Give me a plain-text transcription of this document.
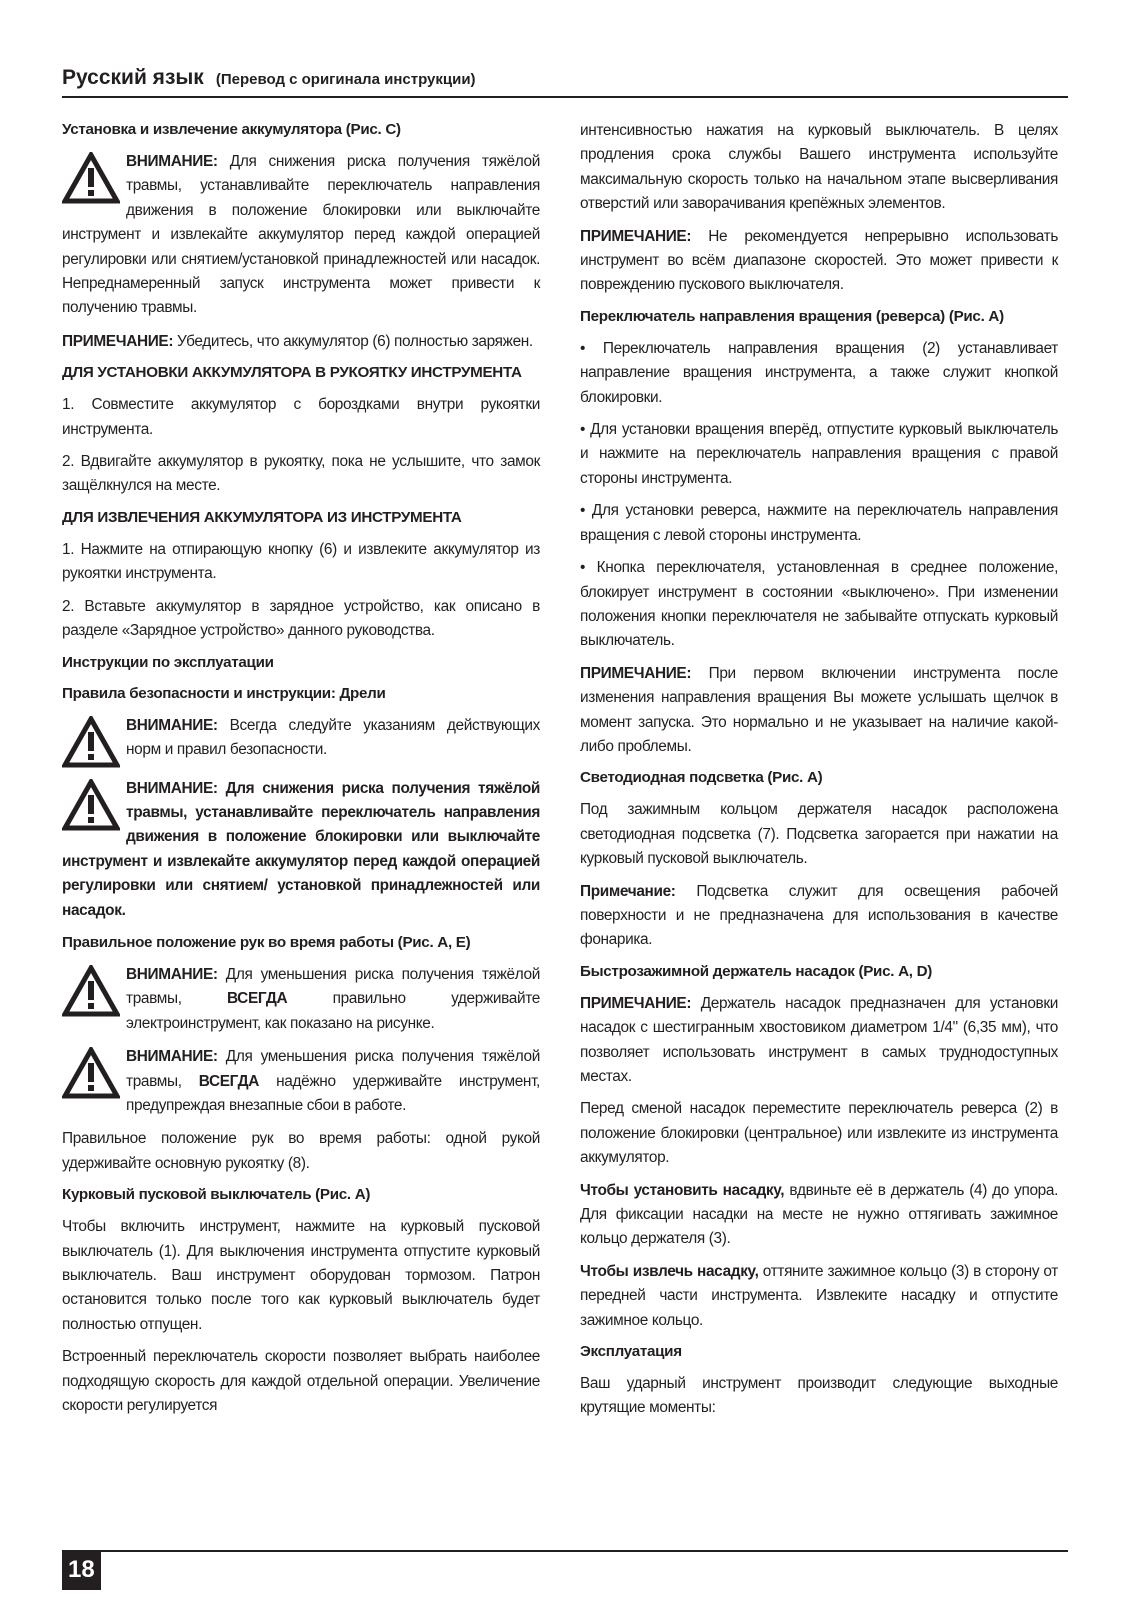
Русский язык (Перевод с оригинала инструкции)
Установка и извлечение аккумулятора (Рис. C)
ВНИМАНИЕ: Для снижения риска получения тяжёлой травмы, устанавливайте переключатель направления движения в положение блокировки или выключайте инструмент и извлекайте аккумулятор перед каждой операцией регулировки или снятием/установкой принадлежностей или насадок. Непреднамеренный запуск инструмента может привести к получению травмы.

ПРИМЕЧАНИЕ: Убедитесь, что аккумулятор (6) полностью заряжен.

ДЛЯ УСТАНОВКИ АККУМУЛЯТОРА В РУКОЯТКУ ИНСТРУМЕНТА

1. Совместите аккумулятор с бороздками внутри рукоятки инструмента.

2. Вдвигайте аккумулятор в рукоятку, пока не услышите, что замок защёлкнулся на месте.

ДЛЯ ИЗВЛЕЧЕНИЯ АККУМУЛЯТОРА ИЗ ИНСТРУМЕНТА

1. Нажмите на отпирающую кнопку (6) и извлеките аккумулятор из рукоятки инструмента.

2. Вставьте аккумулятор в зарядное устройство, как описано в разделе «Зарядное устройство» данного руководства.

Инструкции по эксплуатации
Правила безопасности и инструкции: Дрели
ВНИМАНИЕ: Всегда следуйте указаниям действующих норм и правил безопасности.
ВНИМАНИЕ: Для снижения риска получения тяжёлой травмы, устанавливайте переключатель направления движения в положение блокировки или выключайте инструмент и извлекайте аккумулятор перед каждой операцией регулировки или снятием/ установкой принадлежностей или насадок.
Правильное положение рук во время работы (Рис. A, E)
ВНИМАНИЕ: Для уменьшения риска получения тяжёлой травмы, ВСЕГДА правильно удерживайте электроинструмент, как показано на рисунке.
ВНИМАНИЕ: Для уменьшения риска получения тяжёлой травмы, ВСЕГДА надёжно удерживайте инструмент, предупреждая внезапные сбои в работе.

Правильное положение рук во время работы: одной рукой удерживайте основную рукоятку (8).

Курковый пусковой выключатель (Рис. A)

Чтобы включить инструмент, нажмите на курковый пусковой выключатель (1). Для выключения инструмента отпустите курковый выключатель. Ваш инструмент оборудован тормозом. Патрон остановится только после того как курковый выключатель будет полностью отпущен.

Встроенный переключатель скорости позволяет выбрать наиболее подходящую скорость для каждой отдельной операции. Увеличение скорости регулируется

интенсивностью нажатия на курковый выключатель. В целях продления срока службы Вашего инструмента используйте максимальную скорость только на начальном этапе высверливания отверстий или заворачивания крепёжных элементов.

ПРИМЕЧАНИЕ: Не рекомендуется непрерывно использовать инструмент во всём диапазоне скоростей. Это может привести к повреждению пускового выключателя.

Переключатель направления вращения (реверса) (Рис. A)

• Переключатель направления вращения (2) устанавливает направление вращения инструмента, а также служит кнопкой блокировки.

• Для установки вращения вперёд, отпустите курковый выключатель и нажмите на переключатель направления вращения с правой стороны инструмента.

• Для установки реверса, нажмите на переключатель направления вращения с левой стороны инструмента.

• Кнопка переключателя, установленная в среднее положение, блокирует инструмент в состоянии «выключено». При изменении положения кнопки переключателя не забывайте отпускать курковый выключатель.

ПРИМЕЧАНИЕ: При первом включении инструмента после изменения направления вращения Вы можете услышать щелчок в момент запуска. Это нормально и не указывает на наличие какой-либо проблемы.

Светодиодная подсветка (Рис. A)

Под зажимным кольцом держателя насадок расположена светодиодная подсветка (7). Подсветка загорается при нажатии на курковый пусковой выключатель.

Примечание: Подсветка служит для освещения рабочей поверхности и не предназначена для использования в качестве фонарика.

Быстрозажимной держатель насадок (Рис. A, D)

ПРИМЕЧАНИЕ: Держатель насадок предназначен для установки насадок с шестигранным хвостовиком диаметром 1/4" (6,35 мм), что позволяет использовать инструмент в самых труднодоступных местах.

Перед сменой насадок переместите переключатель реверса (2) в положение блокировки (центральное) или извлеките из инструмента аккумулятор.

Чтобы установить насадку, вдвиньте её в держатель (4) до упора. Для фиксации насадки на месте не нужно оттягивать зажимное кольцо держателя (3).

Чтобы извлечь насадку, оттяните зажимное кольцо (3) в сторону от передней части инструмента. Извлеките насадку и отпустите зажимное кольцо.

Эксплуатация

Ваш ударный инструмент производит следующие выходные крутящие моменты:

18
